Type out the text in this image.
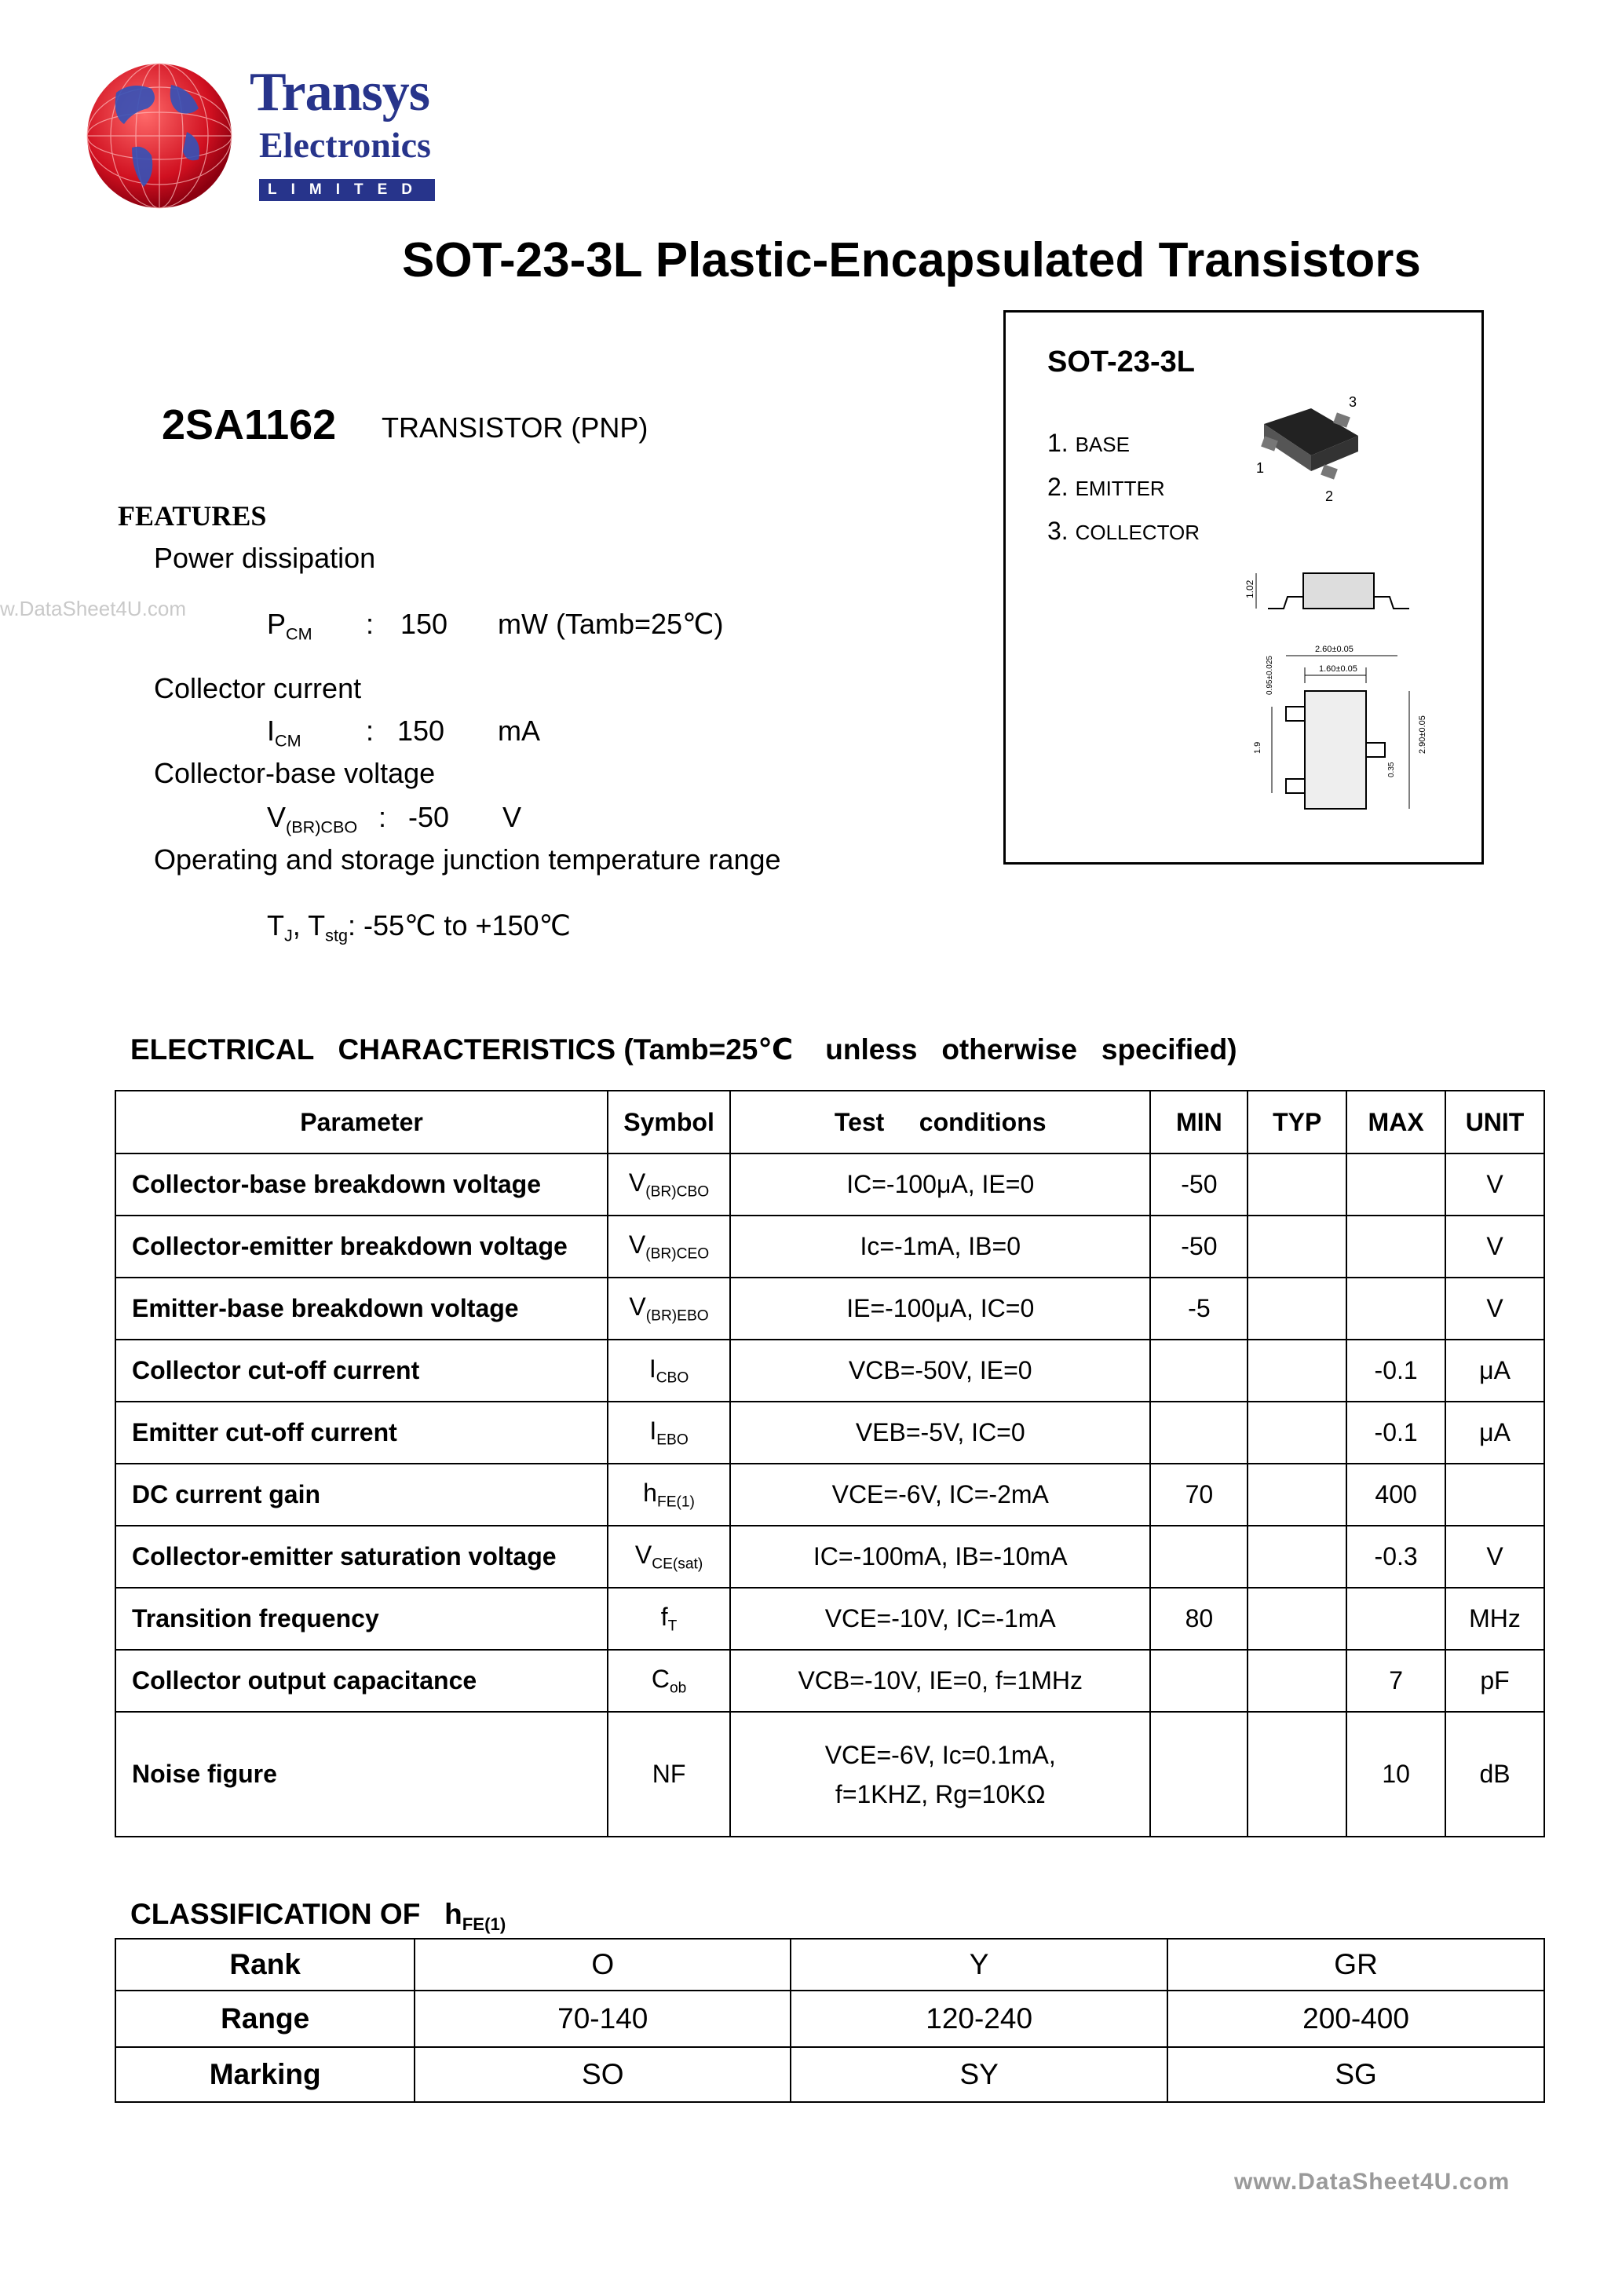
Transys
Electronics
LIMITED
SOT-23-3L Plastic-Encapsulated Transistors
SOT-23-3L
1. BASE
2. EMITTER
3. COLLECTOR
1
2
3
1.02
2.60±0.05
1.60±0.05
0.95±0.025
1.9
0.35
2.90±0.05
2SA1162 TRANSISTOR (PNP)
FEATURES
Power dissipation
$P_{CM}$ : 150 mW (Tamb=25℃)
Collector current
$I_{CM}$ : 150 mA
Collector-base voltage
$V_{(BR)CBO}$ : -50 V
Operating and storage junction temperature range
$T_J$, $T_{stg}$: -55℃ to +150℃
w.DataSheet4U.com
ELECTRICAL   CHARACTERISTICS (Tamb=25℃    unless   otherwise   specified)
Parameter	Symbol	Test     conditions	MIN	TYP	MAX	UNIT
Collector-base breakdown voltage	$V_{(BR)CBO}$	IC=-100μA, IE=0	-50			V
Collector-emitter breakdown voltage	$V_{(BR)CEO}$	Ic=-1mA, IB=0	-50			V
Emitter-base breakdown voltage	$V_{(BR)EBO}$	IE=-100μA, IC=0	-5			V
Collector cut-off current	$I_{CBO}$	VCB=-50V, IE=0			-0.1	μA
Emitter cut-off current	$I_{EBO}$	VEB=-5V, IC=0			-0.1	μA
DC current gain	$h_{FE(1)}$	VCE=-6V, IC=-2mA	70		400	
Collector-emitter saturation voltage	$V_{CE(sat)}$	IC=-100mA, IB=-10mA			-0.3	V
Transition frequency	$f_T$	VCE=-10V, IC=-1mA	80			MHz
Collector output capacitance	$C_{ob}$	VCB=-10V, IE=0, f=1MHz			7	pF
Noise figure	NF	VCE=-6V, Ic=0.1mA,
f=1KHZ, Rg=10KΩ			10	dB
CLASSIFICATION OF $h_{FE(1)}$
Rank	O	Y	GR
Range	70-140	120-240	200-400
Marking	SO	SY	SG
www.DataSheet4U.com
